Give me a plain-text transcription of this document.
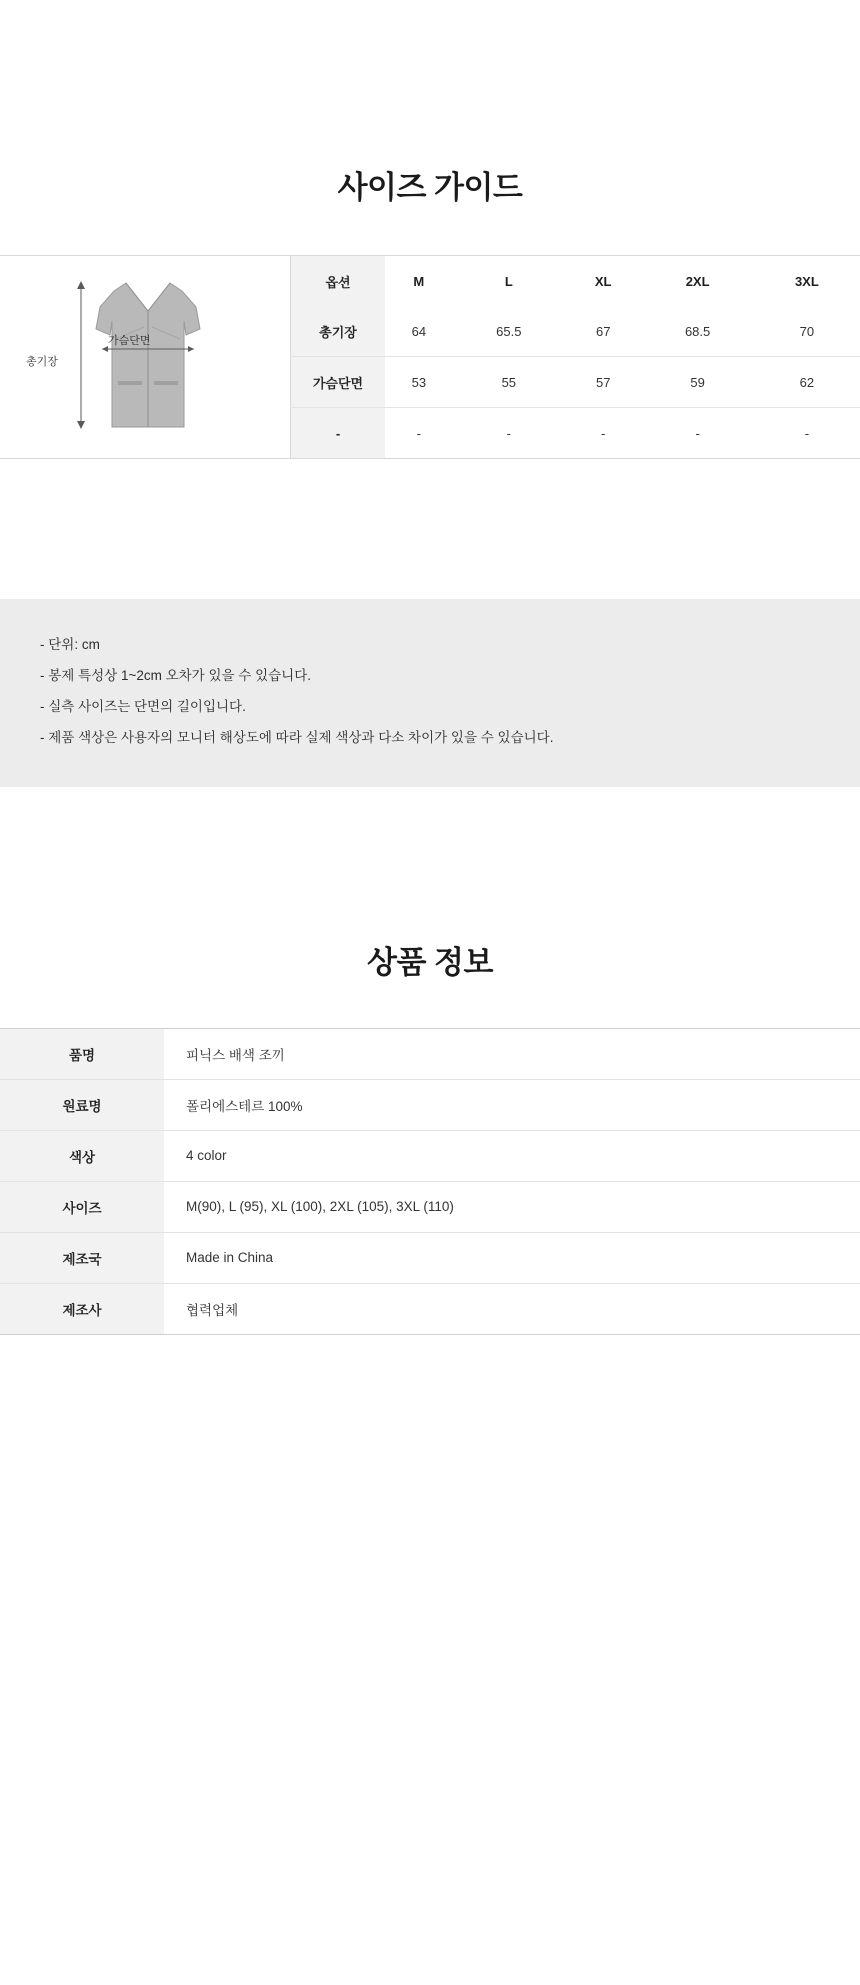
사이즈 가이드
가슴단면
총기장
옵션	M	L	XL	2XL	3XL
총기장	64	65.5	67	68.5	70
가슴단면	53	55	57	59	62
-	-	-	-	-	-

- 단위: cm

- 봉제 특성상 1~2cm 오차가 있을 수 있습니다.

- 실측 사이즈는 단면의 길이입니다.

- 제품 색상은 사용자의 모니터 해상도에 따라 실제 색상과 다소 차이가 있을 수 있습니다.

상품 정보
품명	피닉스 배색 조끼
원료명	폴리에스테르 100%
색상	4 color
사이즈	M(90), L (95), XL (100), 2XL (105), 3XL (110)
제조국	Made in China
제조사	협력업체
